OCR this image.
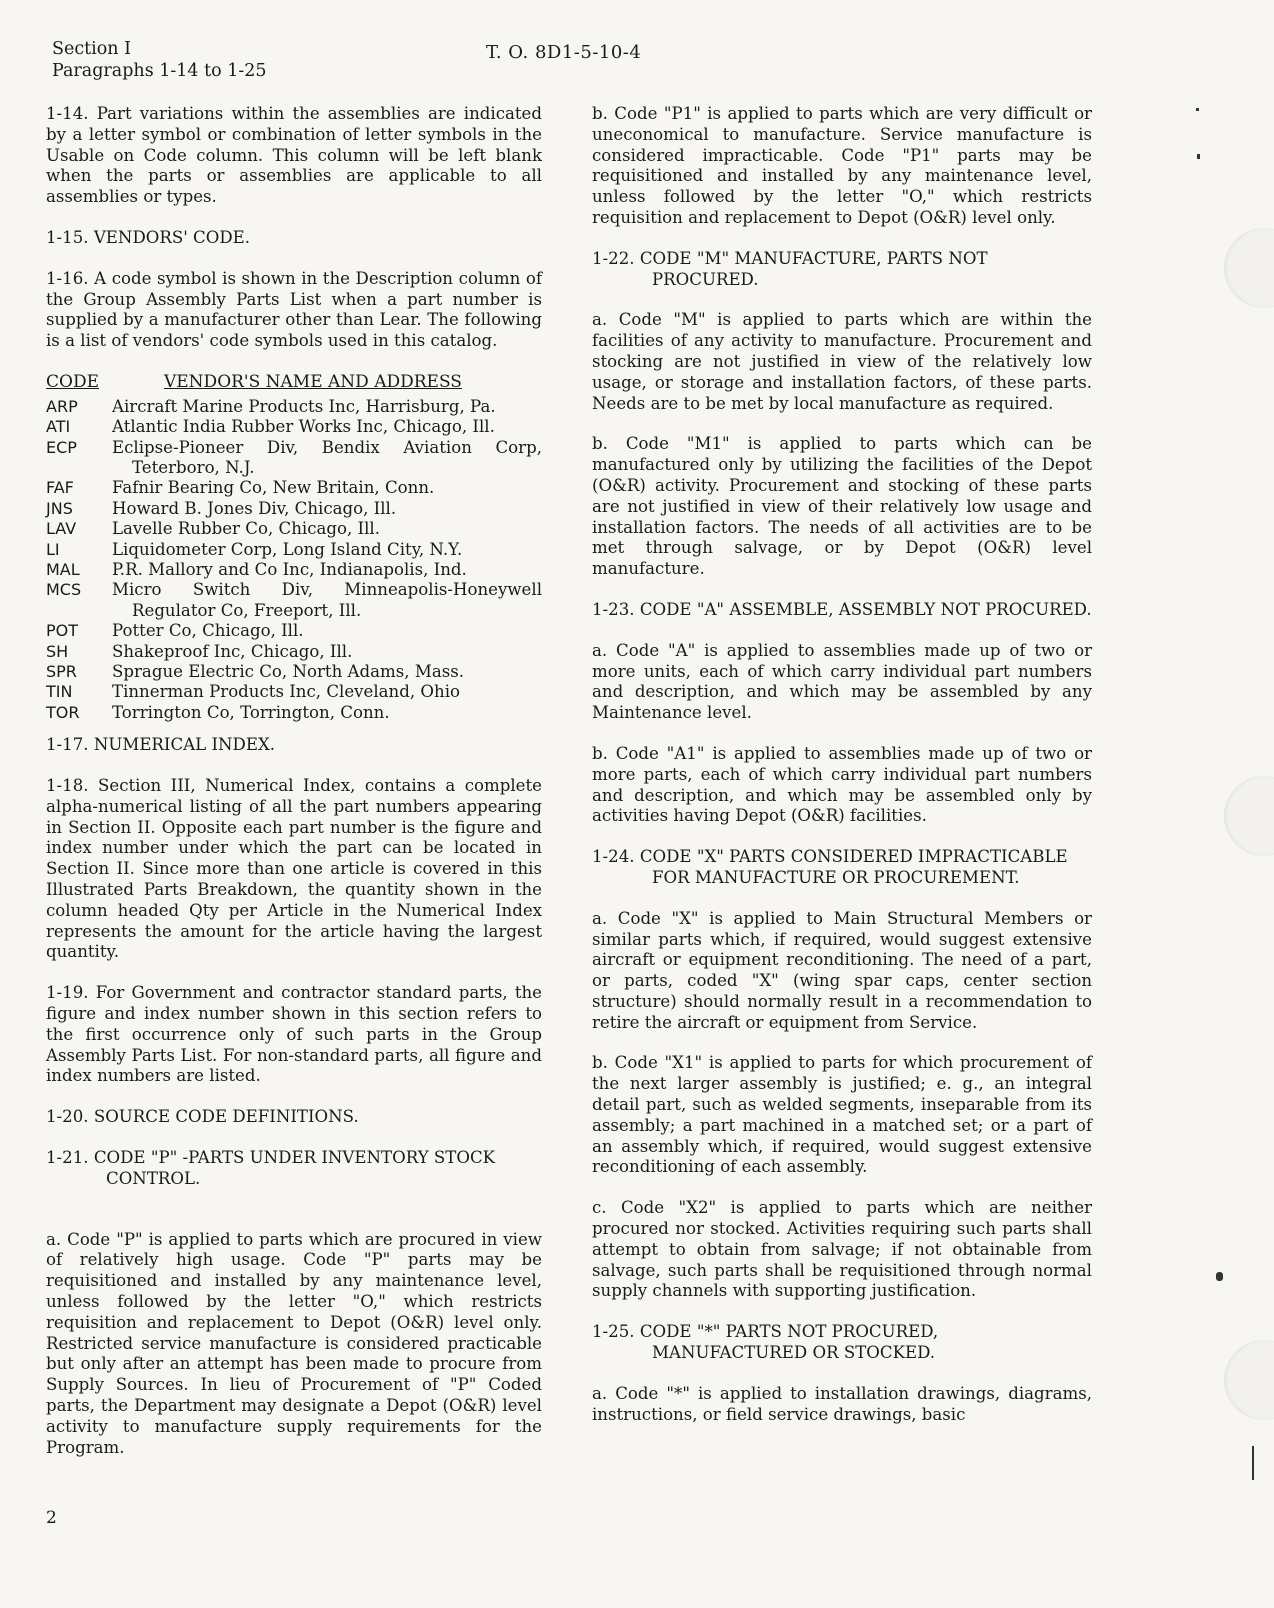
Section I
Paragraphs 1-14 to 1-25
T. O. 8D1-5-10-4

1-14. Part variations within the assemblies are indicated by a letter symbol or combination of letter symbols in the Usable on Code column. This column will be left blank when the parts or assemblies are applicable to all assemblies or types.

1-15. VENDORS' CODE.

1-16. A code symbol is shown in the Description column of the Group Assembly Parts List when a part number is supplied by a manufacturer other than Lear. The following is a list of vendors' code symbols used in this catalog.

CODE	VENDOR'S NAME AND ADDRESS
ARP	Aircraft Marine Products Inc, Harrisburg, Pa.
ATI	Atlantic India Rubber Works Inc, Chicago, Ill.
ECP	Eclipse-Pioneer Div, Bendix Aviation Corp, Teterboro, N.J.
FAF	Fafnir Bearing Co, New Britain, Conn.
JNS	Howard B. Jones Div, Chicago, Ill.
LAV	Lavelle Rubber Co, Chicago, Ill.
LI	Liquidometer Corp, Long Island City, N.Y.
MAL	P.R. Mallory and Co Inc, Indianapolis, Ind.
MCS	Micro Switch Div, Minneapolis-Honeywell Regulator Co, Freeport, Ill.
POT	Potter Co, Chicago, Ill.
SH	Shakeproof Inc, Chicago, Ill.
SPR	Sprague Electric Co, North Adams, Mass.
TIN	Tinnerman Products Inc, Cleveland, Ohio
TOR	Torrington Co, Torrington, Conn.

1-17. NUMERICAL INDEX.

1-18. Section III, Numerical Index, contains a complete alpha-numerical listing of all the part numbers appearing in Section II. Opposite each part number is the figure and index number under which the part can be located in Section II. Since more than one article is covered in this Illustrated Parts Breakdown, the quantity shown in the column headed Qty per Article in the Numerical Index represents the amount for the article having the largest quantity.

1-19. For Government and contractor standard parts, the figure and index number shown in this section refers to the first occurrence only of such parts in the Group Assembly Parts List. For non-standard parts, all figure and index numbers are listed.

1-20. SOURCE CODE DEFINITIONS.

1-21. CODE "P" -PARTS UNDER INVENTORY STOCK CONTROL.

a. Code "P" is applied to parts which are procured in view of relatively high usage. Code "P" parts may be requisitioned and installed by any maintenance level, unless followed by the letter "O," which restricts requisition and replacement to Depot (O&R) level only. Restricted service manufacture is considered practicable but only after an attempt has been made to procure from Supply Sources. In lieu of Procurement of "P" Coded parts, the Department may designate a Depot (O&R) level activity to manufacture supply requirements for the Program.

b. Code "P1" is applied to parts which are very difficult or uneconomical to manufacture. Service manufacture is considered impracticable. Code "P1" parts may be requisitioned and installed by any maintenance level, unless followed by the letter "O," which restricts requisition and replacement to Depot (O&R) level only.

1-22. CODE "M" MANUFACTURE, PARTS NOT PROCURED.

a. Code "M" is applied to parts which are within the facilities of any activity to manufacture. Procurement and stocking are not justified in view of the relatively low usage, or storage and installation factors, of these parts. Needs are to be met by local manufacture as required.

b. Code "M1" is applied to parts which can be manufactured only by utilizing the facilities of the Depot (O&R) activity. Procurement and stocking of these parts are not justified in view of their relatively low usage and installation factors. The needs of all activities are to be met through salvage, or by Depot (O&R) level manufacture.

1-23. CODE "A" ASSEMBLE, ASSEMBLY NOT PROCURED.

a. Code "A" is applied to assemblies made up of two or more units, each of which carry individual part numbers and description, and which may be assembled by any Maintenance level.

b. Code "A1" is applied to assemblies made up of two or more parts, each of which carry individual part numbers and description, and which may be assembled only by activities having Depot (O&R) facilities.

1-24. CODE "X" PARTS CONSIDERED IMPRACTICABLE FOR MANUFACTURE OR PROCUREMENT.

a. Code "X" is applied to Main Structural Members or similar parts which, if required, would suggest extensive aircraft or equipment reconditioning. The need of a part, or parts, coded "X" (wing spar caps, center section structure) should normally result in a recommendation to retire the aircraft or equipment from Service.

b. Code "X1" is applied to parts for which procurement of the next larger assembly is justified; e. g., an integral detail part, such as welded segments, inseparable from its assembly; a part machined in a matched set; or a part of an assembly which, if required, would suggest extensive reconditioning of each assembly.

c. Code "X2" is applied to parts which are neither procured nor stocked. Activities requiring such parts shall attempt to obtain from salvage; if not obtainable from salvage, such parts shall be requisitioned through normal supply channels with supporting justification.

1-25. CODE "*" PARTS NOT PROCURED, MANUFACTURED OR STOCKED.

a. Code "*" is applied to installation drawings, diagrams, instructions, or field service drawings, basic

2
